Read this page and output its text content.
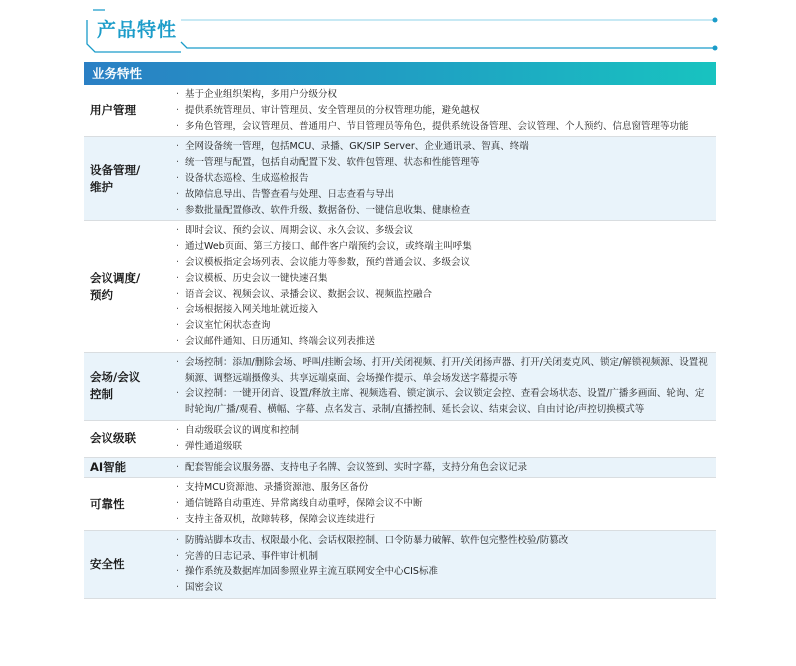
产品特性
业务特性
用户管理
· 基于企业组织架构，多用户分级分权
· 提供系统管理员、审计管理员、安全管理员的分权管理功能，避免越权
· 多角色管理，会议管理员、普通用户、节目管理员等角色，提供系统设备管理、会议管理、个人预约、信息窗管理等功能
设备管理/
维护
· 全网设备统一管理，包括MCU、录播、GK/SIP Server、企业通讯录、智真、终端
· 统一管理与配置，包括自动配置下发、软件包管理、状态和性能管理等
· 设备状态巡检、生成巡检报告
· 故障信息导出、告警查看与处理、日志查看与导出
· 参数批量配置修改、软件升级、数据备份、一键信息收集、健康检查
会议调度/
预约
· 即时会议、预约会议、周期会议、永久会议、多级会议
· 通过Web页面、第三方接口、邮件客户端预约会议，或终端主叫呼集
· 会议模板指定会场列表、会议能力等参数，预约普通会议、多级会议
· 会议模板、历史会议一键快速召集
· 语音会议、视频会议、录播会议、数据会议、视频监控融合
· 会场根据接入网关地址就近接入
· 会议室忙闲状态查询
· 会议邮件通知、日历通知、终端会议列表推送
会场/会议
控制
· 会场控制：添加/删除会场、呼叫/挂断会场、打开/关闭视频、打开/关闭扬声器、打开/关闭麦克风、锁定/解锁视频源、设置视频源、调整远端摄像头、共享远端桌面、会场操作提示、单会场发送字幕提示等
· 会议控制：一键开闭音、设置/释放主席、视频选看、锁定演示、会议锁定会控、查看会场状态、设置/广播多画面、轮询、定时轮询/广播/观看、横幅、字幕、点名发言、录制/直播控制、延长会议、结束会议、自由讨论/声控切换模式等
会议级联
· 自动级联会议的调度和控制
· 弹性通道级联
AI智能	· 配套智能会议服务器、支持电子名牌、会议签到、实时字幕，支持分角色会议记录
可靠性
· 支持MCU资源池、录播资源池、服务区备份
· 通信链路自动重连、异常离线自动重呼，保障会议不中断
· 支持主备双机，故障转移，保障会议连续进行
安全性
· 防腾站脚本攻击、权限最小化、会话权限控制、口令防暴力破解、软件包完整性校验/防篡改
· 完善的日志记录、事件审计机制
· 操作系统及数据库加固参照业界主流互联网安全中心CIS标准
· 国密会议
